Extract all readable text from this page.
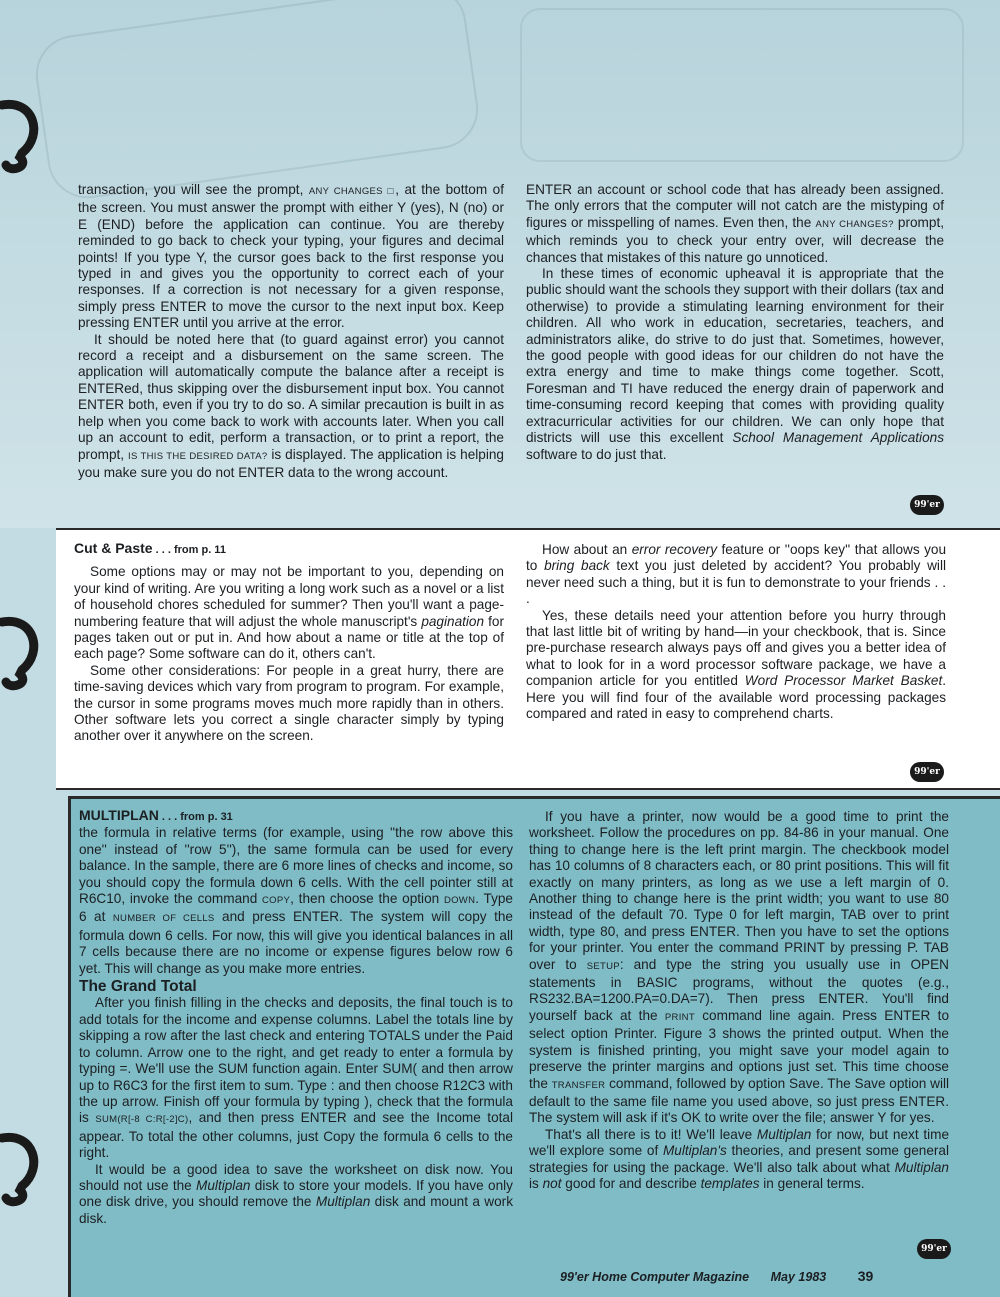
transaction, you will see the prompt, ANY CHANGES □, at the bottom of the screen. You must answer the prompt with either Y (yes), N (no) or E (END) before the application can continue. You are thereby reminded to go back to check your typing, your figures and decimal points! If you type Y, the cursor goes back to the first response you typed in and gives you the opportunity to correct each of your responses. If a correction is not necessary for a given response, simply press ENTER to move the cursor to the next input box. Keep pressing ENTER until you arrive at the error.

It should be noted here that (to guard against error) you cannot record a receipt and a disbursement on the same screen. The application will automatically compute the balance after a receipt is ENTERed, thus skipping over the disbursement input box. You cannot ENTER both, even if you try to do so. A similar precaution is built in as help when you come back to work with accounts later. When you call up an account to edit, perform a transaction, or to print a report, the prompt, IS THIS THE DESIRED DATA? is displayed. The application is helping you make sure you do not ENTER data to the wrong account.

ENTER an account or school code that has already been assigned. The only errors that the computer will not catch are the mistyping of figures or misspelling of names. Even then, the ANY CHANGES? prompt, which reminds you to check your entry over, will decrease the chances that mistakes of this nature go unnoticed.

In these times of economic upheaval it is appropriate that the public should want the schools they support with their dollars (tax and otherwise) to provide a stimulating learning environment for their children. All who work in education, secretaries, teachers, and administrators alike, do strive to do just that. Sometimes, however, the good people with good ideas for our children do not have the extra energy and time to make things come together. Scott, Foresman and TI have reduced the energy drain of paperwork and time-consuming record keeping that comes with providing quality extracurricular activities for our children. We can only hope that districts will use this excellent School Management Applications software to do just that.

99'er
Cut & Paste . . . from p. 11

Some options may or may not be important to you, depending on your kind of writing. Are you writing a long work such as a novel or a list of household chores scheduled for summer? Then you'll want a page-numbering feature that will adjust the whole manuscript's pagination for pages taken out or put in. And how about a name or title at the top of each page? Some software can do it, others can't.

Some other considerations: For people in a great hurry, there are time-saving devices which vary from program to program. For example, the cursor in some programs moves much more rapidly than in others. Other software lets you correct a single character simply by typing another over it anywhere on the screen.

How about an error recovery feature or ''oops key'' that allows you to bring back text you just deleted by accident? You probably will never need such a thing, but it is fun to demonstrate to your friends . . .

Yes, these details need your attention before you hurry through that last little bit of writing by hand—in your checkbook, that is. Since pre-purchase research always pays off and gives you a better idea of what to look for in a word processor software package, we have a companion article for you entitled Word Processor Market Basket. Here you will find four of the available word processing packages compared and rated in easy to comprehend charts.

99'er
MULTIPLAN . . . from p. 31

the formula in relative terms (for example, using ''the row above this one'' instead of ''row 5''), the same formula can be used for every balance. In the sample, there are 6 more lines of checks and income, so you should copy the formula down 6 cells. With the cell pointer still at R6C10, invoke the command COPY, then choose the option DOWN. Type 6 at NUMBER OF CELLS and press ENTER. The system will copy the formula down 6 cells. For now, this will give you identical balances in all 7 cells because there are no income or expense figures below row 6 yet. This will change as you make more entries.

The Grand Total

After you finish filling in the checks and deposits, the final touch is to add totals for the income and expense columns. Label the totals line by skipping a row after the last check and entering TOTALS under the Paid to column. Arrow one to the right, and get ready to enter a formula by typing =. We'll use the SUM function again. Enter SUM( and then arrow up to R6C3 for the first item to sum. Type : and then choose R12C3 with the up arrow. Finish off your formula by typing ), check that the formula is SUM(R[-8 C:R[-2]C), and then press ENTER and see the Income total appear. To total the other columns, just Copy the formula 6 cells to the right.

It would be a good idea to save the worksheet on disk now. You should not use the Multiplan disk to store your models. If you have only one disk drive, you should remove the Multiplan disk and mount a work disk.

If you have a printer, now would be a good time to print the worksheet. Follow the procedures on pp. 84-86 in your manual. One thing to change here is the left print margin. The checkbook model has 10 columns of 8 characters each, or 80 print positions. This will fit exactly on many printers, as long as we use a left margin of 0. Another thing to change here is the print width; you want to use 80 instead of the default 70. Type 0 for left margin, TAB over to print width, type 80, and press ENTER. Then you have to set the options for your printer. You enter the command PRINT by pressing P. TAB over to SETUP: and type the string you usually use in OPEN statements in BASIC programs, without the quotes (e.g., RS232.BA=1200.PA=0.DA=7). Then press ENTER. You'll find yourself back at the PRINT command line again. Press ENTER to select option Printer. Figure 3 shows the printed output. When the system is finished printing, you might save your model again to preserve the printer margins and options just set. This time choose the TRANSFER command, followed by option Save. The Save option will default to the same file name you used above, so just press ENTER. The system will ask if it's OK to write over the file; answer Y for yes.

That's all there is to it! We'll leave Multiplan for now, but next time we'll explore some of Multiplan's theories, and present some general strategies for using the package. We'll also talk about what Multiplan is not good for and describe templates in general terms.

99'er
99'er Home Computer Magazine May 1983 39
